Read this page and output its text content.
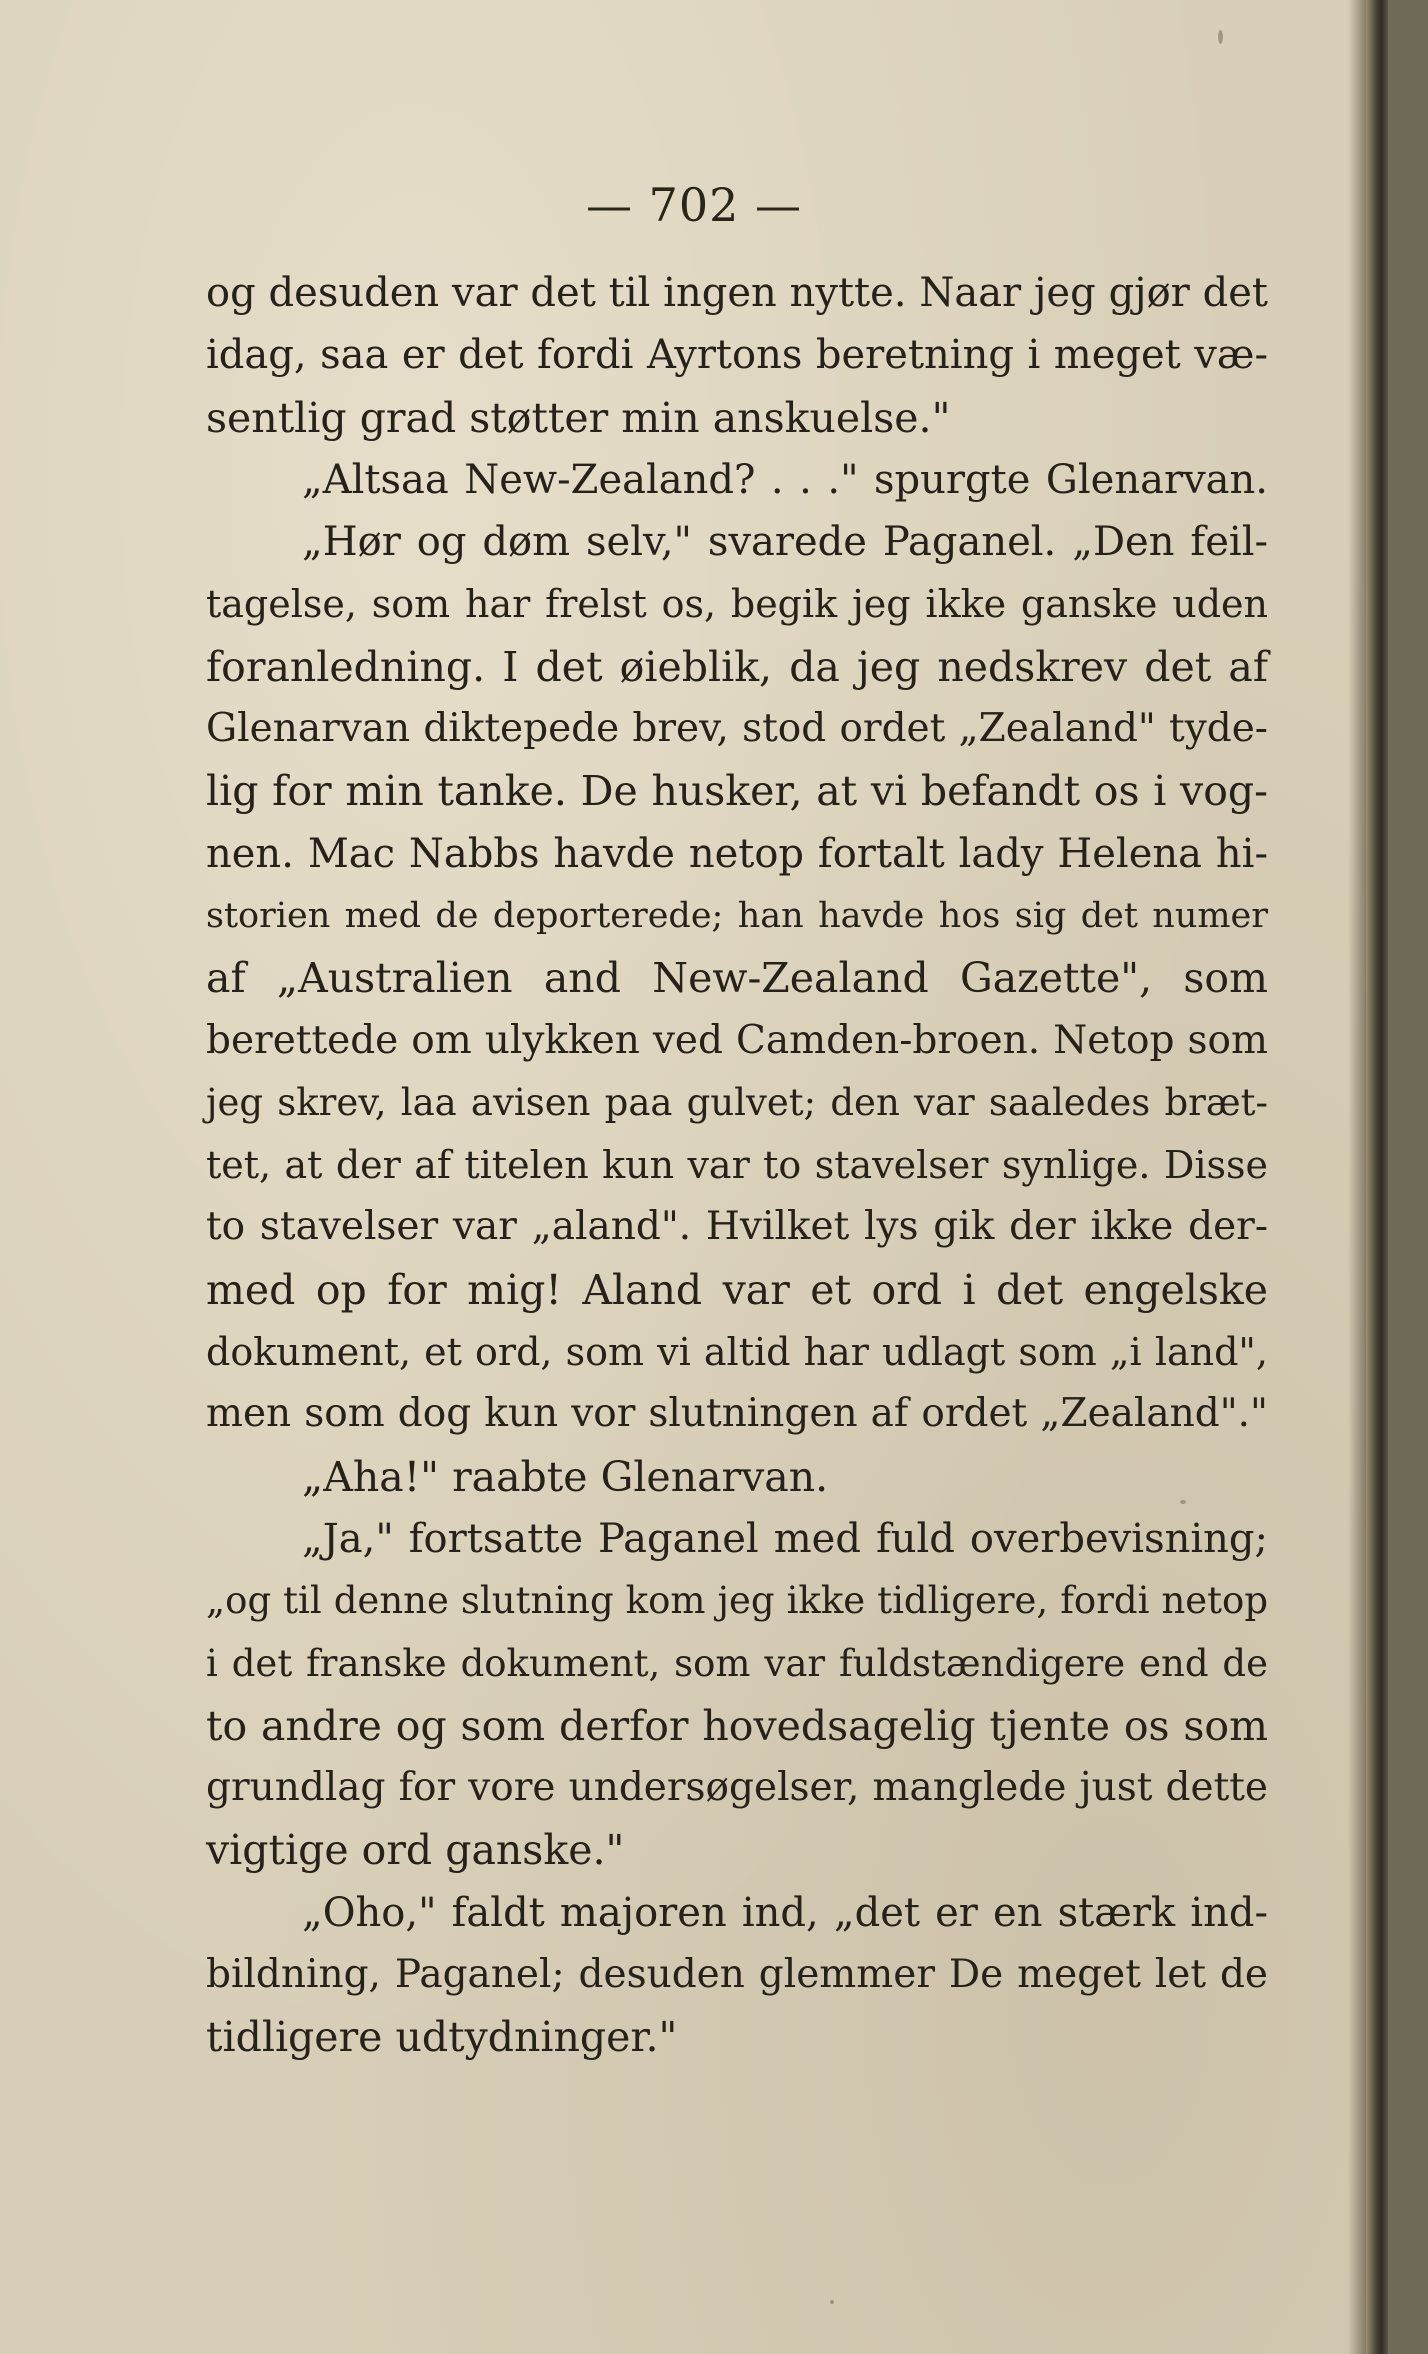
— 702 —
og desuden var det til ingen nytte. Naar jeg gjør det
idag, saa er det fordi Ayrtons beretning i meget væ-
sentlig grad støtter min anskuelse."
„Altsaa New-Zealand? . . ." spurgte Glenarvan.
„Hør og døm selv," svarede Paganel. „Den feil-
tagelse, som har frelst os, begik jeg ikke ganske uden
foranledning. I det øieblik, da jeg nedskrev det af
Glenarvan diktерede brev, stod ordet „Zealand" tyde-
lig for min tanke. De husker, at vi befandt os i vog-
nen. Mac Nabbs havde netop fortalt lady Helena hi-
storien med de deporterede; han havde hos sig det numer
af „Australien and New-Zealand Gazette", som
berettede om ulykken ved Camden-broen. Netop som
jeg skrev, laa avisen paa gulvet; den var saaledes bræt-
tet, at der af titelen kun var to stavelser synlige. Disse
to stavelser var „aland". Hvilket lys gik der ikke der-
med op for mig! Aland var et ord i det engelske
dokument, et ord, som vi altid har udlagt som „i land",
men som dog kun vor slutningen af ordet „Zealand"."
„Aha!" raabte Glenarvan.
„Ja," fortsatte Paganel med fuld overbevisning;
„og til denne slutning kom jeg ikke tidligere, fordi netop
i det franske dokument, som var fuldstændigere end de
to andre og som derfor hovedsagelig tjente os som
grundlag for vore undersøgelser, manglede just dette
vigtige ord ganske."
„Oho," faldt majoren ind, „det er en stærk ind-
bildning, Paganel; desuden glemmer De meget let de
tidligere udtydninger."
